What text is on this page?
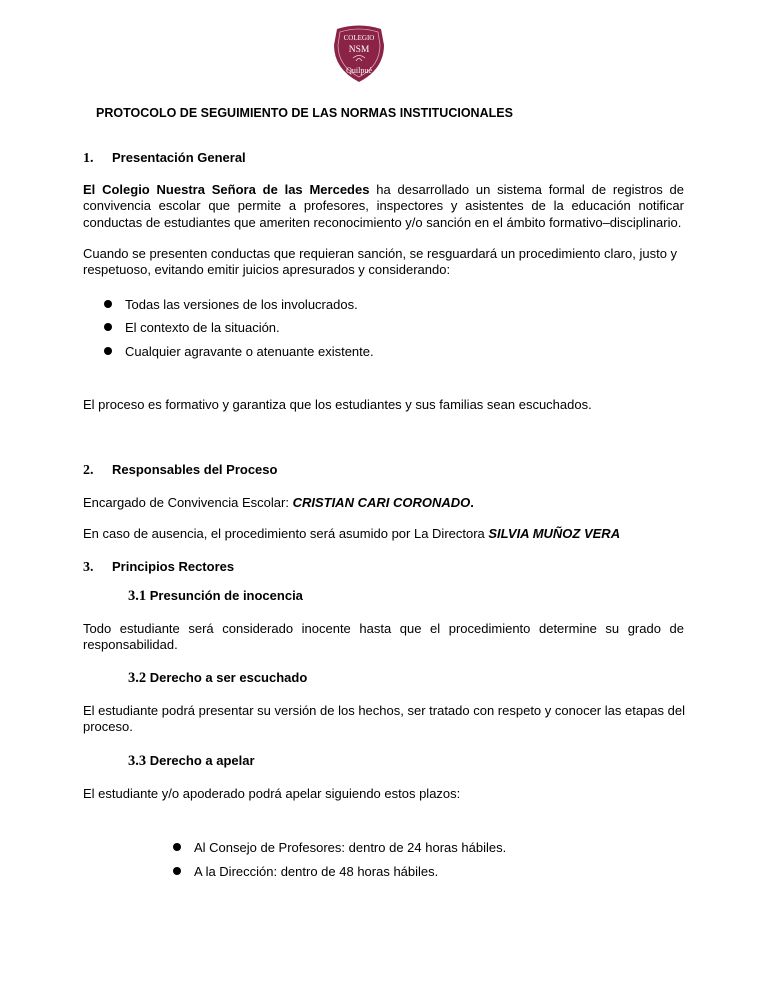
COLEGIO
NSM
Quilpué
PROTOCOLO DE SEGUIMIENTO DE LAS NORMAS INSTITUCIONALES
1. Presentación General
El Colegio Nuestra Señora de las Mercedes ha desarrollado un sistema formal de registros de convivencia escolar que permite a profesores, inspectores y asistentes de la educación notificar conductas de estudiantes que ameriten reconocimiento y/o sanción en el ámbito formativo–disciplinario.
Cuando se presenten conductas que requieran sanción, se resguardará un procedimiento claro, justo y respetuoso, evitando emitir juicios apresurados y considerando:
Todas las versiones de los involucrados.
El contexto de la situación.
Cualquier agravante o atenuante existente.
El proceso es formativo y garantiza que los estudiantes y sus familias sean escuchados.
2. Responsables del Proceso
Encargado de Convivencia Escolar: CRISTIAN CARI CORONADO.
En caso de ausencia, el procedimiento será asumido por La Directora SILVIA MUÑOZ VERA
3. Principios Rectores
3.1 Presunción de inocencia
Todo estudiante será considerado inocente hasta que el procedimiento determine su grado de responsabilidad.
3.2 Derecho a ser escuchado
El estudiante podrá presentar su versión de los hechos, ser tratado con respeto y conocer las etapas del proceso.
3.3 Derecho a apelar
El estudiante y/o apoderado podrá apelar siguiendo estos plazos:
Al Consejo de Profesores: dentro de 24 horas hábiles.
A la Dirección: dentro de 48 horas hábiles.
